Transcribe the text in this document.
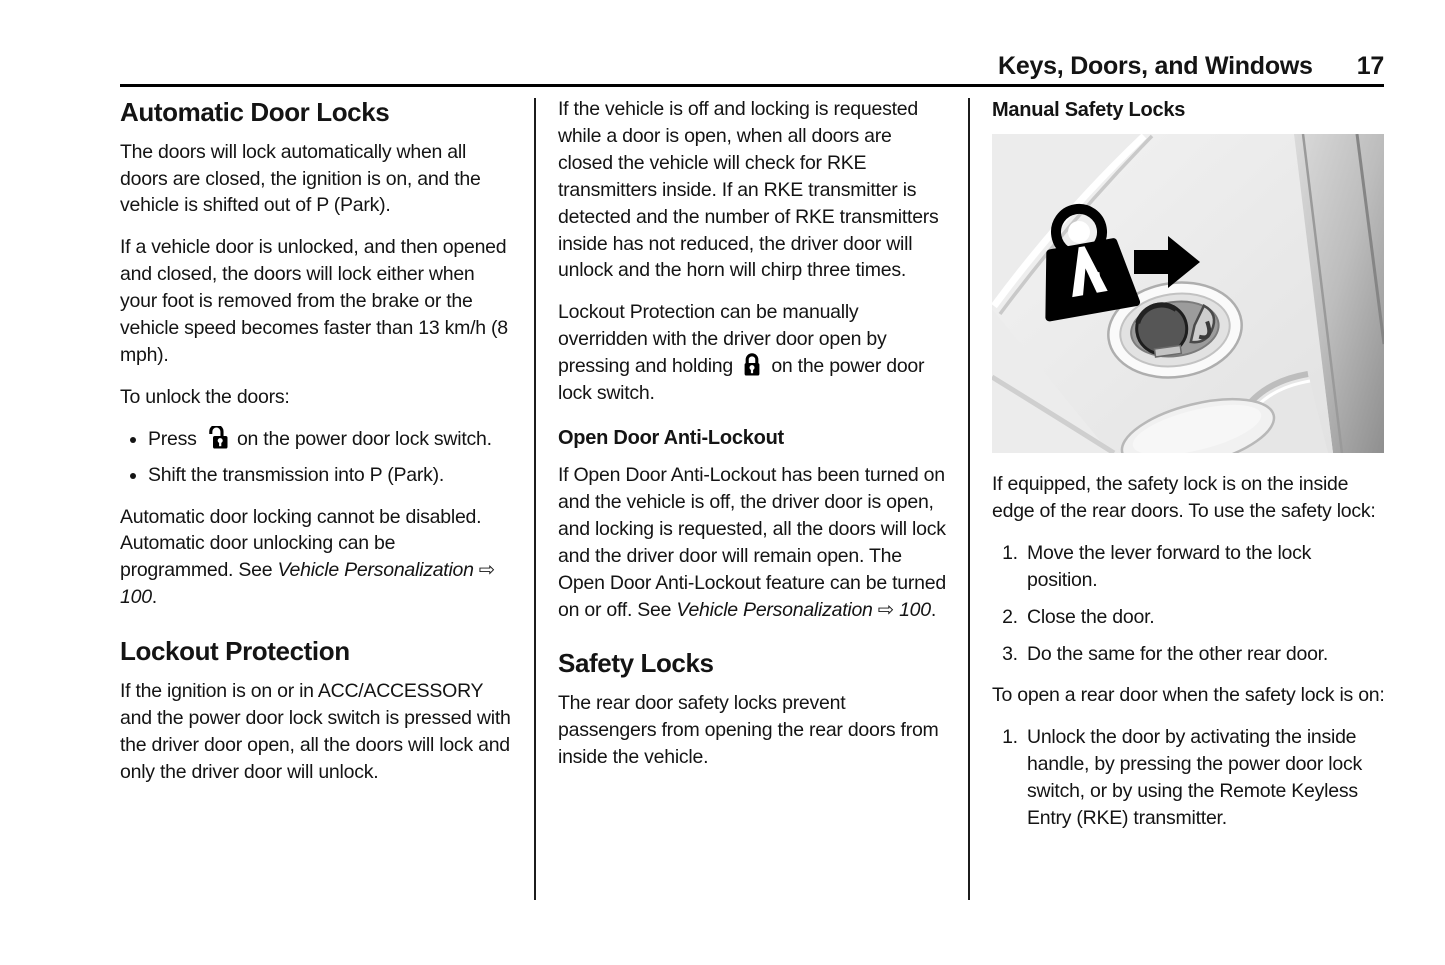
Keys, Doors, and Windows 17
Automatic Door Locks

The doors will lock automatically when all doors are closed, the ignition is on, and the vehicle is shifted out of P (Park).

If a vehicle door is unlocked, and then opened and closed, the doors will lock either when your foot is removed from the brake or the vehicle speed becomes faster than 13 km/h (8 mph).

To unlock the doors:

• Press on the power door lock switch.
• Shift the transmission into P (Park).

Automatic door locking cannot be disabled. Automatic door unlocking can be programmed. See Vehicle Personalization ⇨ 100.

Lockout Protection

If the ignition is on or in ACC/ACCESSORY and the power door lock switch is pressed with the driver door open, all the doors will lock and only the driver door will unlock.

If the vehicle is off and locking is requested while a door is open, when all doors are closed the vehicle will check for RKE transmitters inside. If an RKE transmitter is detected and the number of RKE transmitters inside has not reduced, the driver door will unlock and the horn will chirp three times.

Lockout Protection can be manually overridden with the driver door open by pressing and holding on the power door lock switch.

Open Door Anti-Lockout

If Open Door Anti-Lockout has been turned on and the vehicle is off, the driver door is open, and locking is requested, all the doors will lock and the driver door will remain open. The Open Door Anti-Lockout feature can be turned on or off. See Vehicle Personalization ⇨ 100.

Safety Locks

The rear door safety locks prevent passengers from opening the rear doors from inside the vehicle.

Manual Safety Locks

If equipped, the safety lock is on the inside edge of the rear doors. To use the safety lock:

1. Move the lever forward to the lock position.
2. Close the door.
3. Do the same for the other rear door.

To open a rear door when the safety lock is on:

1. Unlock the door by activating the inside handle, by pressing the power door lock switch, or by using the Remote Keyless Entry (RKE) transmitter.
